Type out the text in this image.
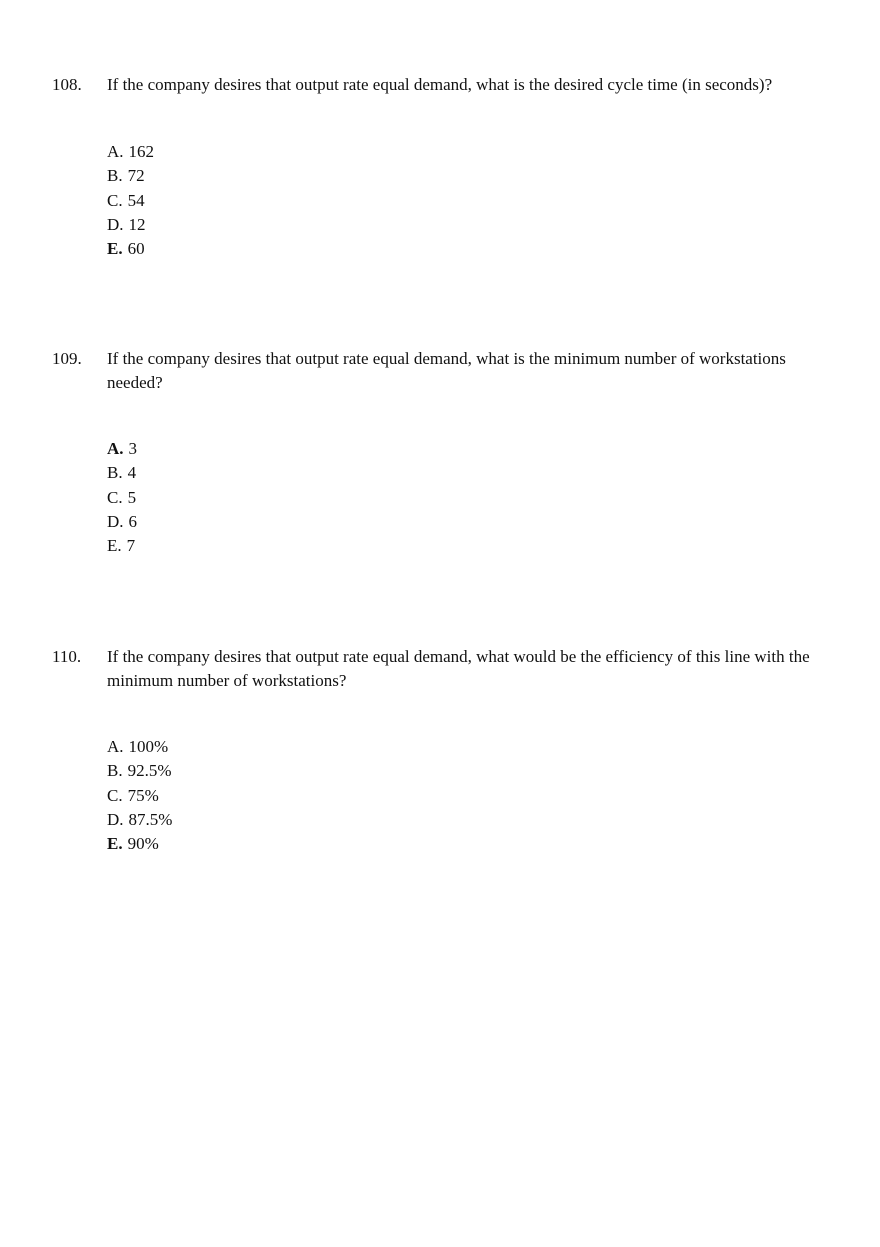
108. If the company desires that output rate equal demand, what is the desired cycle time (in seconds)?
A. 162
B. 72
C. 54
D. 12
E. 60
109. If the company desires that output rate equal demand, what is the minimum number of workstations needed?
A. 3
B. 4
C. 5
D. 6
E. 7
110. If the company desires that output rate equal demand, what would be the efficiency of this line with the minimum number of workstations?
A. 100%
B. 92.5%
C. 75%
D. 87.5%
E. 90%
